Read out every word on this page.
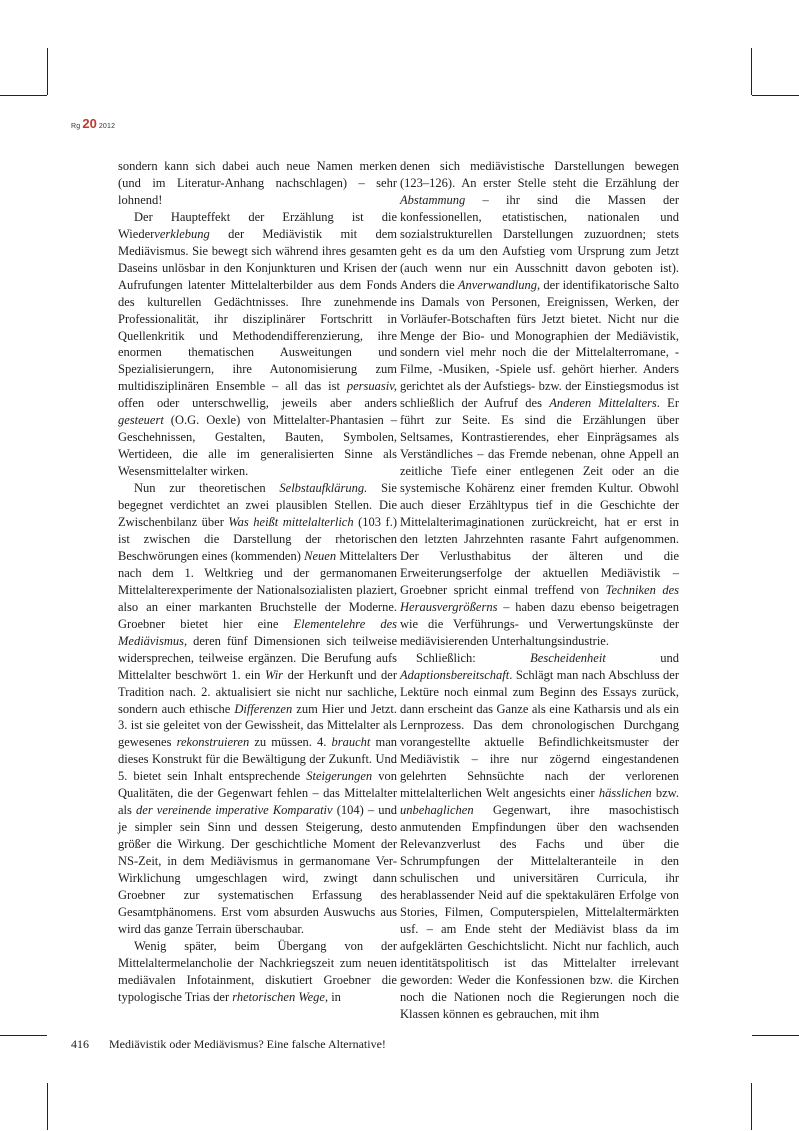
Rg 20 2012

sondern kann sich dabei auch neue Namen merken (und im Literatur-Anhang nachschlagen) – sehr lohnend!

Der Haupteffekt der Erzählung ist die Wiederverklebung der Mediävistik mit dem Mediävismus. Sie bewegt sich während ihres gesamten Daseins unlösbar in den Konjunkturen und Krisen der Aufrufungen latenter Mittelalterbilder aus dem Fonds des kulturellen Gedächtnisses. Ihre zunehmende Professionalität, ihr disziplinärer Fortschritt in Quellenkritik und Methodendifferenzierung, ihre enormen thematischen Ausweitungen und Spezialisierungern, ihre Autonomisierung zum multidisziplinären Ensemble – all das ist persuasiv, offen oder unterschwellig, jeweils aber anders gesteuert (O.G. Oexle) von Mittelalter-Phantasien – Geschehnissen, Gestalten, Bauten, Symbolen, Wertideen, die alle im generalisierten Sinne als Wesensmittelalter wirken.

Nun zur theoretischen Selbstaufklärung. Sie begegnet verdichtet an zwei plausiblen Stellen. Die Zwischenbilanz über Was heißt mittelalterlich (103 f.) ist zwischen die Darstellung der rhetorischen Beschwörungen eines (kommenden) Neuen Mittelalters nach dem 1. Weltkrieg und der germanomanen Mittelalterexperimente der Nationalsozialisten plaziert, also an einer markanten Bruchstelle der Moderne. Groebner bietet hier eine Elementelehre des Mediävismus, deren fünf Dimensionen sich teilweise widersprechen, teilweise ergänzen. Die Berufung aufs Mittelalter beschwört 1. ein Wir der Herkunft und der Tradition nach. 2. aktualisiert sie nicht nur sachliche, sondern auch ethische Differenzen zum Hier und Jetzt. 3. ist sie geleitet von der Gewissheit, das Mittelalter als gewesenes rekonstruieren zu müssen. 4. braucht man dieses Konstrukt für die Bewältigung der Zukunft. Und 5. bietet sein Inhalt entsprechende Steigerungen von Qualitäten, die der Gegenwart fehlen – das Mittelalter als der vereinende imperative Komparativ (104) – und je simpler sein Sinn und dessen Steigerung, desto größer die Wirkung. Der geschichtliche Moment der NS-Zeit, in dem Mediävismus in germanomane Ver-Wirklichung umgeschlagen wird, zwingt dann Groebner zur systematischen Erfassung des Gesamtphänomens. Erst vom absurden Auswuchs aus wird das ganze Terrain überschaubar.

Wenig später, beim Übergang von der Mittelaltermelancholie der Nachkriegszeit zum neuen mediävalen Infotainment, diskutiert Groebner die typologische Trias der rhetorischen Wege, in

denen sich mediävistische Darstellungen bewegen (123–126). An erster Stelle steht die Erzählung der Abstammung – ihr sind die Massen der konfessionellen, etatistischen, nationalen und sozialstrukturellen Darstellungen zuzuordnen; stets geht es da um den Aufstieg vom Ursprung zum Jetzt (auch wenn nur ein Ausschnitt davon geboten ist). Anders die Anverwandlung, der identifikatorische Salto ins Damals von Personen, Ereignissen, Werken, der Vorläufer-Botschaften fürs Jetzt bietet. Nicht nur die Menge der Bio- und Monographien der Mediävistik, sondern viel mehr noch die der Mittelalterromane, -Filme, -Musiken, -Spiele usf. gehört hierher. Anders gerichtet als der Aufstiegs- bzw. der Einstiegsmodus ist schließlich der Aufruf des Anderen Mittelalters. Er führt zur Seite. Es sind die Erzählungen über Seltsames, Kontrastierendes, eher Einprägsames als Verständliches – das Fremde nebenan, ohne Appell an zeitliche Tiefe einer entlegenen Zeit oder an die systemische Kohärenz einer fremden Kultur. Obwohl auch dieser Erzähltypus tief in die Geschichte der Mittelalterimaginationen zurückreicht, hat er erst in den letzten Jahrzehnten rasante Fahrt aufgenommen. Der Verlusthabitus der älteren und die Erweiterungserfolge der aktuellen Mediävistik – Groebner spricht einmal treffend von Techniken des Herausvergrößerns – haben dazu ebenso beigetragen wie die Verführungs- und Verwertungskünste der mediävisierenden Unterhaltungsindustrie.

Schließlich: Bescheidenheit und Adaptionsbereitschaft. Schlägt man nach Abschluss der Lektüre noch einmal zum Beginn des Essays zurück, dann erscheint das Ganze als eine Katharsis und als ein Lernprozess. Das dem chronologischen Durchgang vorangestellte aktuelle Befindlichkeitsmuster der Mediävistik – ihre nur zögernd eingestandenen gelehrten Sehnsüchte nach der verlorenen mittelalterlichen Welt angesichts einer hässlichen bzw. unbehaglichen Gegenwart, ihre masochistisch anmutenden Empfindungen über den wachsenden Relevanzverlust des Fachs und über die Schrumpfungen der Mittelalteranteile in den schulischen und universitären Curricula, ihr herablassender Neid auf die spektakulären Erfolge von Stories, Filmen, Computerspielen, Mittelaltermärkten usf. – am Ende steht der Mediävist blass da im aufgeklärten Geschichtslicht. Nicht nur fachlich, auch identitätspolitisch ist das Mittelalter irrelevant geworden: Weder die Konfessionen bzw. die Kirchen noch die Nationen noch die Regierungen noch die Klassen können es gebrauchen, mit ihm

416 Mediävistik oder Mediävismus? Eine falsche Alternative!
